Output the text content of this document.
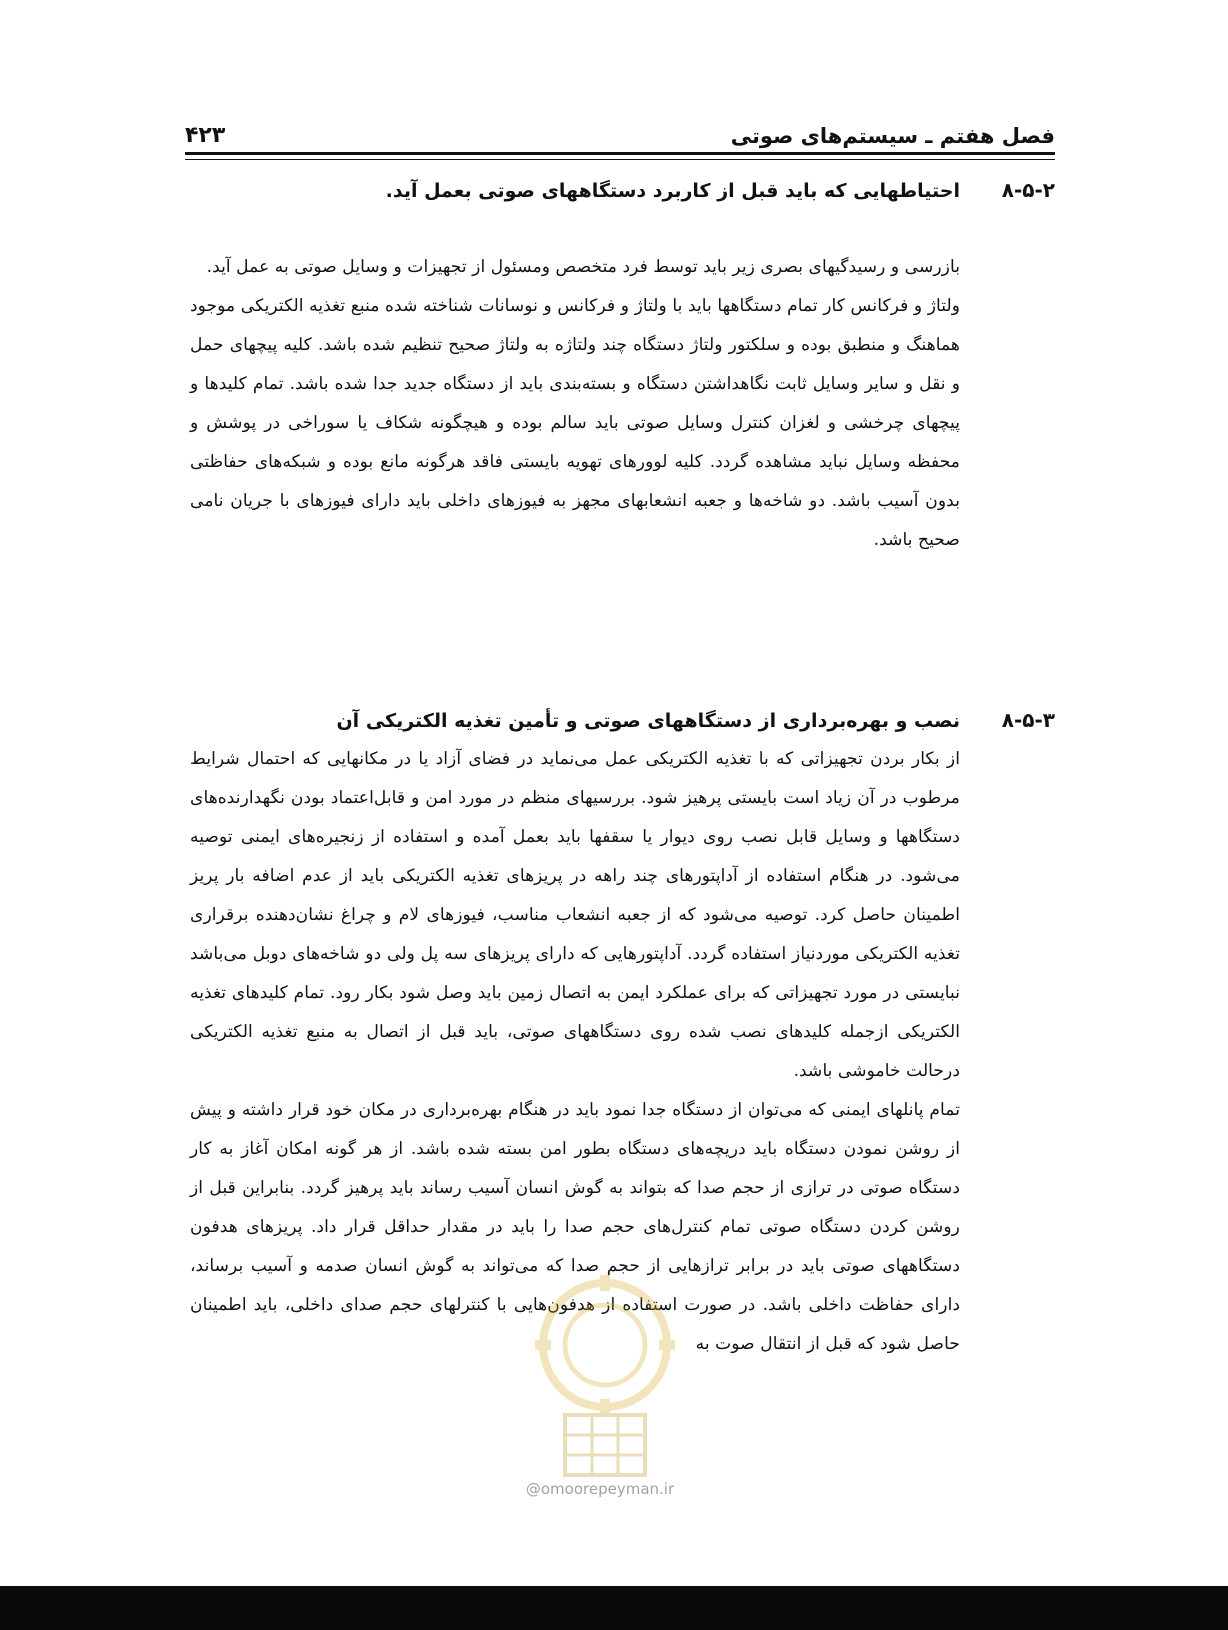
فصل هفتم ـ سیستم‌های صوتی
۴۲۳
۸-۵-۲
احتیاطهایی که باید قبل از کاربرد دستگاههای صوتی بعمل آید.

بازرسی و رسیدگیهای بصری زیر باید توسط فرد متخصص ومسئول از تجهیزات و وسایل صوتی به عمل آید.

ولتاژ و فرکانس کار تمام دستگاهها باید با ولتاژ و فرکانس و نوسانات شناخته شده منبع تغذیه الکتریکی موجود هماهنگ و منطبق بوده و سلکتور ولتاژ دستگاه چند ولتاژه به ولتاژ صحیح تنظیم شده باشد. کلیه پیچهای حمل و نقل و سایر وسایل ثابت نگاهداشتن دستگاه و بسته‌بندی باید از دستگاه جدید جدا شده باشد. تمام کلیدها و پیچهای چرخشی و لغزان کنترل وسایل صوتی باید سالم بوده و هیچگونه شکاف یا سوراخی در پوشش و محفظه وسایل نباید مشاهده گردد. کلیه لوورهای تهویه بایستی فاقد هرگونه مانع بوده و شبکه‌های حفاظتی بدون آسیب باشد. دو شاخه‌ها و جعبه انشعابهای مجهز به فیوزهای داخلی باید دارای فیوزهای با جریان نامی صحیح باشد.

۸-۵-۳
نصب و بهره‌برداری از دستگاههای صوتی و تأمین تغذیه الکتریکی آن

از بکار بردن تجهیزاتی که با تغذیه الکتریکی عمل می‌نماید در فضای آزاد یا در مکانهایی که احتمال شرایط مرطوب در آن زیاد است بایستی پرهیز شود. بررسیهای منظم در مورد امن و قابل‌اعتماد بودن نگهدارنده‌های دستگاهها و وسایل قابل نصب روی دیوار یا سقفها باید بعمل آمده و استفاده از زنجیره‌های ایمنی توصیه می‌شود. در هنگام استفاده از آداپتورهای چند راهه در پریزهای تغذیه الکتریکی باید از عدم اضافه بار پریز اطمینان حاصل کرد. توصیه می‌شود که از جعبه انشعاب مناسب، فیوزهای لام و چراغ نشان‌دهنده برقراری تغذیه الکتریکی موردنیاز استفاده گردد. آداپتورهایی که دارای پریزهای سه پل ولی دو شاخه‌های دوبل می‌باشد نبایستی در مورد تجهیزاتی که برای عملکرد ایمن به اتصال زمین باید وصل شود بکار رود. تمام کلیدهای تغذیه الکتریکی ازجمله کلیدهای نصب شده روی دستگاههای صوتی، باید قبل از اتصال به منبع تغذیه الکتریکی درحالت خاموشی باشد.

تمام پانلهای ایمنی که می‌توان از دستگاه جدا نمود باید در هنگام بهره‌برداری در مکان خود قرار داشته و پیش از روشن نمودن دستگاه باید دریچه‌های دستگاه بطور امن بسته شده باشد. از هر گونه امکان آغاز به کار دستگاه صوتی در ترازی از حجم صدا که بتواند به گوش انسان آسیب رساند باید پرهیز گردد. بنابراین قبل از روشن کردن دستگاه صوتی تمام کنترل‌های حجم صدا را باید در مقدار حداقل قرار داد. پریزهای هدفون دستگاههای صوتی باید در برابر ترازهایی از حجم صدا که می‌تواند به گوش انسان صدمه و آسیب برساند، دارای حفاظت داخلی باشد. در صورت استفاده از هدفون‌هایی با کنترلهای حجم صدای داخلی، باید اطمینان حاصل شود که قبل از انتقال صوت به

@omoorepeyman.ir
